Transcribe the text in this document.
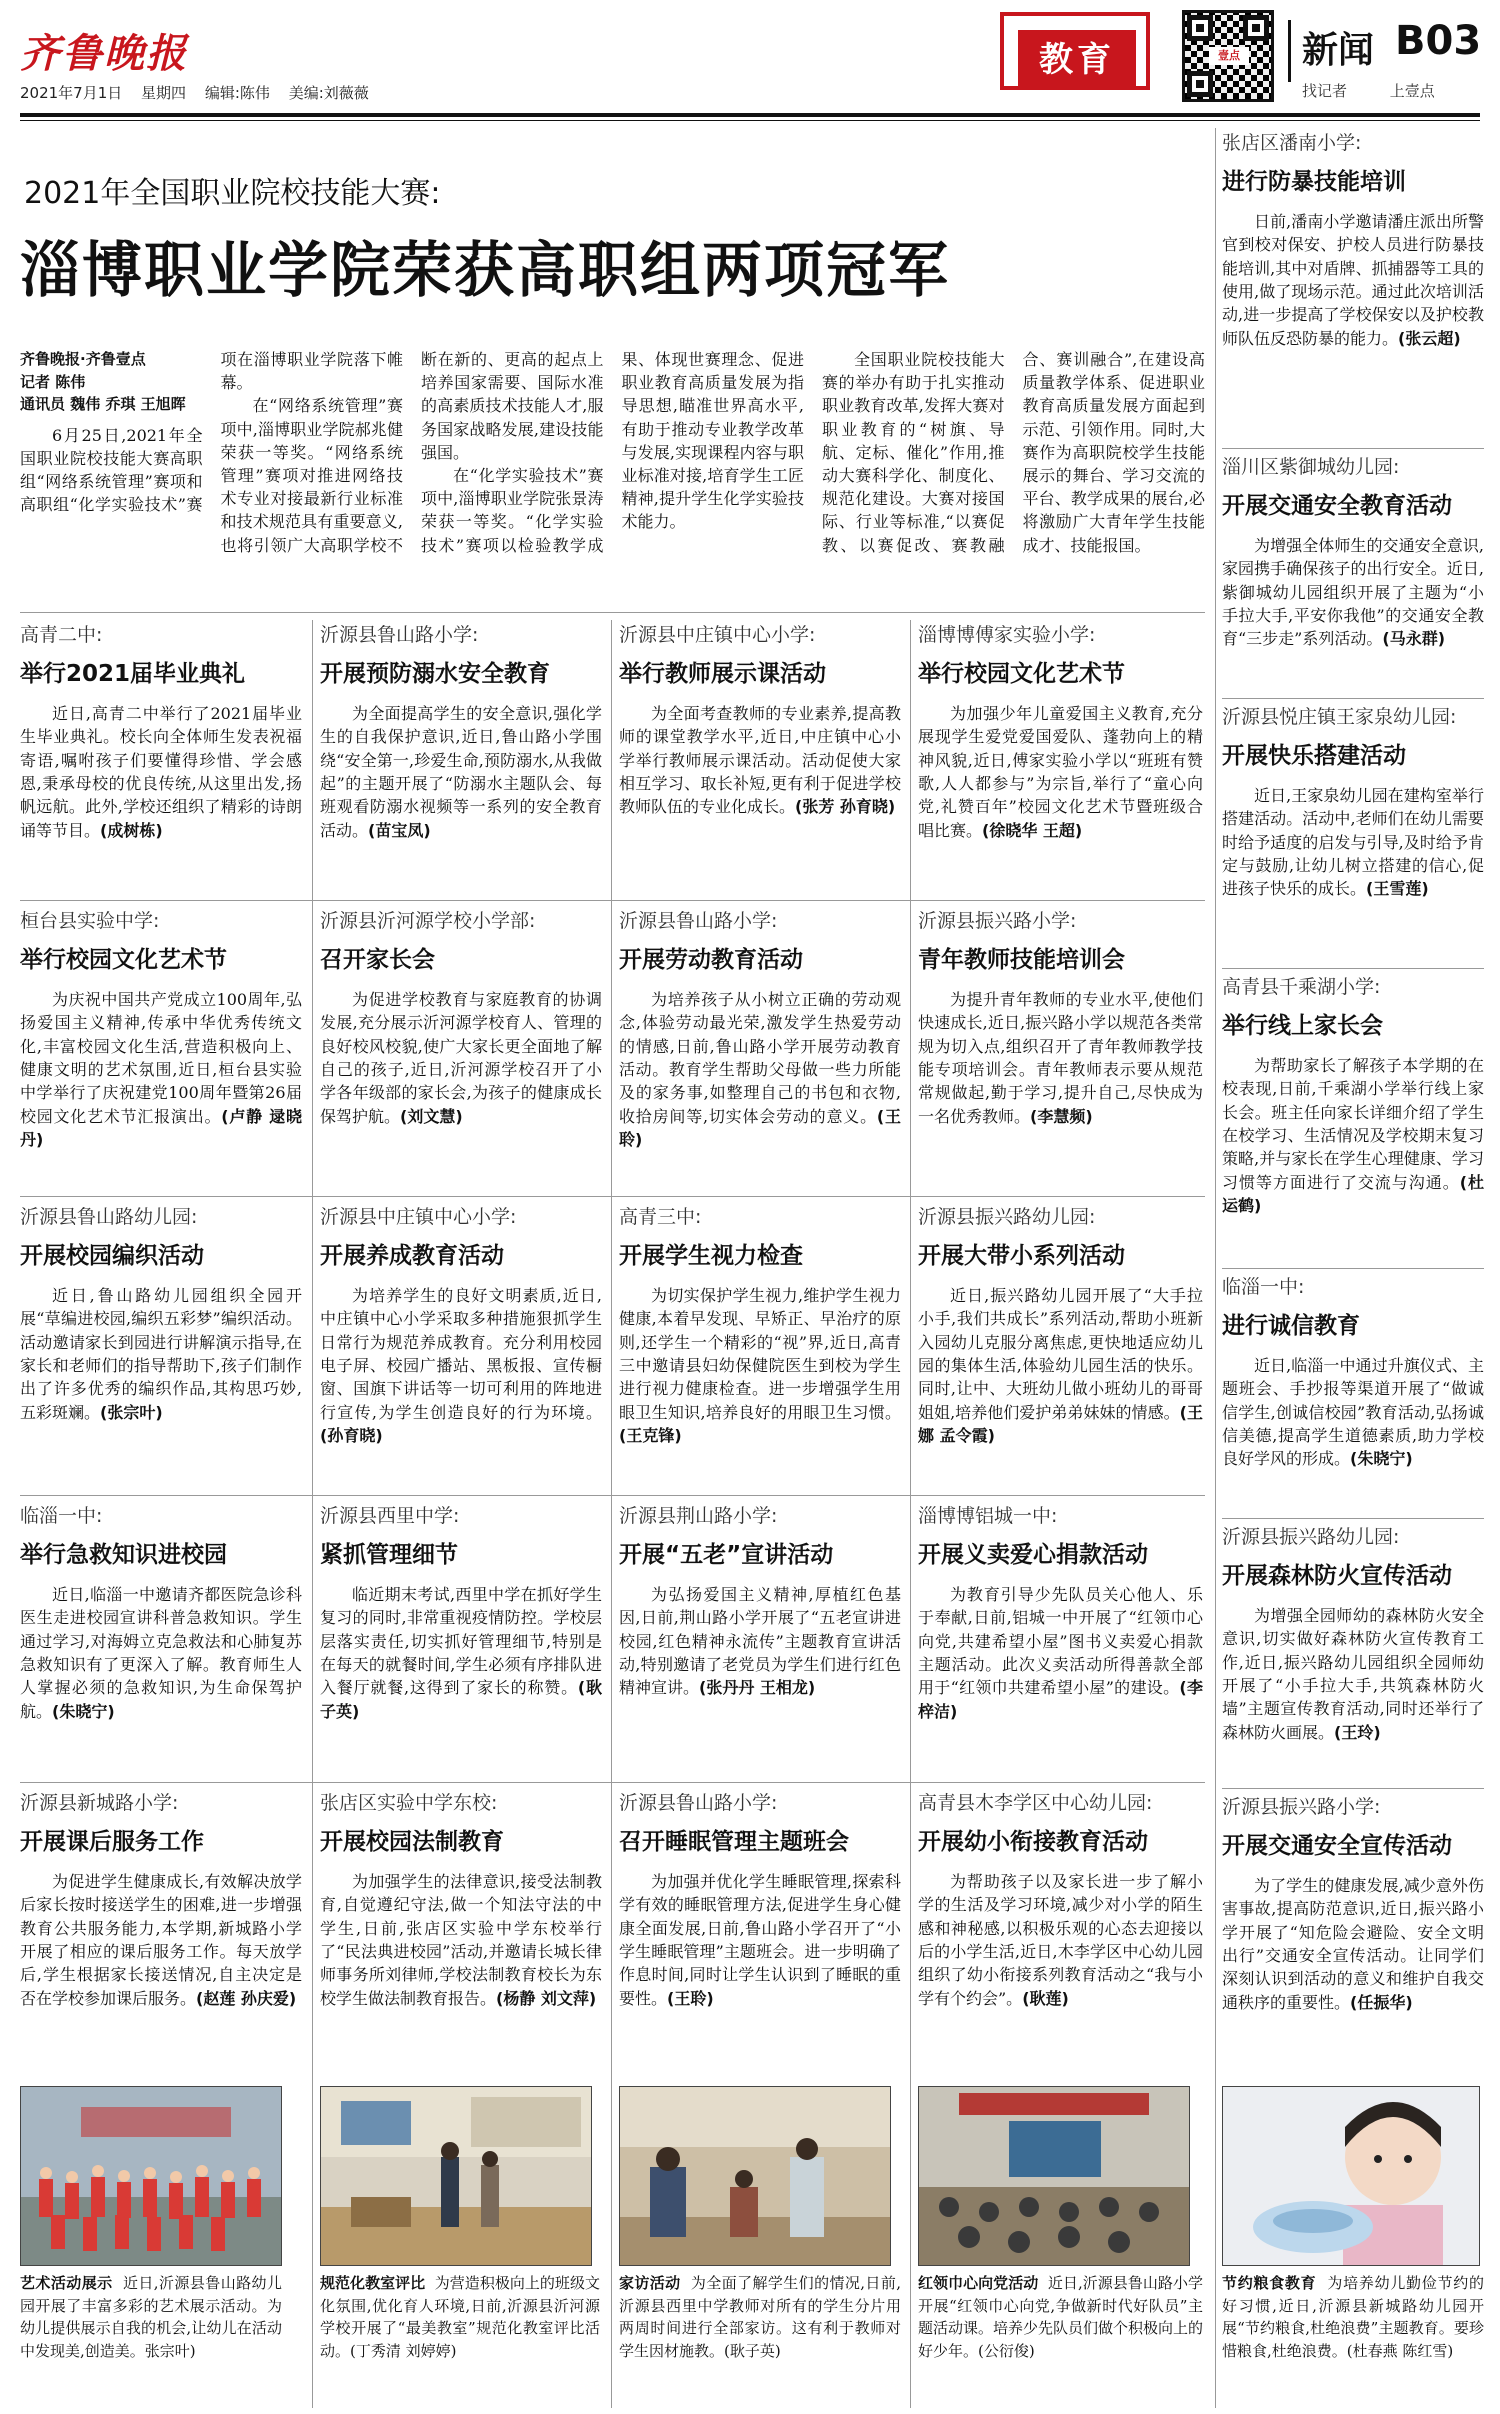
齐鲁晚报
2021年7月1日 星期四 编辑:陈伟 美编:刘薇薇
教育	壹点 新闻 B03
找记者	上壹点
2021年全国职业院校技能大赛:
淄博职业学院荣获高职组两项冠军
齐鲁晚报·齐鲁壹点
记者 陈伟
通讯员 魏伟 乔琪 王旭晖

6月25日,2021年全国职业院校技能大赛高职组“网络系统管理”赛项和高职组“化学实验技术”赛项在淄博职业学院落下帷幕。

在“网络系统管理”赛项中,淄博职业学院郝兆健荣获一等奖。“网络系统管理”赛项对推进网络技术专业对接最新行业标准和技术规范具有重要意义,也将引领广大高职学校不断在新的、更高的起点上培养国家需要、国际水准的高素质技术技能人才,服务国家战略发展,建设技能强国。

在“化学实验技术”赛项中,淄博职业学院张景涛荣获一等奖。“化学实验技术”赛项以检验教学成果、体现世赛理念、促进职业教育高质量发展为指导思想,瞄准世界高水平,有助于推动专业教学改革与发展,实现课程内容与职业标准对接,培育学生工匠精神,提升学生化学实验技术能力。

全国职业院校技能大赛的举办有助于扎实推动职业教育改革,发挥大赛对职业教育的“树旗、导航、定标、催化”作用,推动大赛科学化、制度化、规范化建设。大赛对接国际、行业等标准,“以赛促教、以赛促改、赛教融合、赛训融合”,在建设高质量教学体系、促进职业教育高质量发展方面起到示范、引领作用。同时,大赛作为高职院校学生技能展示的舞台、学习交流的平台、教学成果的展台,必将激励广大青年学生技能成才、技能报国。

张店区潘南小学:
进行防暴技能培训
日前,潘南小学邀请潘庄派出所警官到校对保安、护校人员进行防暴技能培训,其中对盾牌、抓捕器等工具的使用,做了现场示范。通过此次培训活动,进一步提高了学校保安以及护校教师队伍反恐防暴的能力。(张云超)
淄川区紫御城幼儿园:
开展交通安全教育活动
为增强全体师生的交通安全意识,家园携手确保孩子的出行安全。近日,紫御城幼儿园组织开展了主题为“小手拉大手,平安你我他”的交通安全教育“三步走”系列活动。(马永群)
沂源县悦庄镇王家泉幼儿园:
开展快乐搭建活动
近日,王家泉幼儿园在建构室举行搭建活动。活动中,老师们在幼儿需要时给予适度的启发与引导,及时给予肯定与鼓励,让幼儿树立搭建的信心,促进孩子快乐的成长。(王雪莲)
高青县千乘湖小学:
举行线上家长会
为帮助家长了解孩子本学期的在校表现,日前,千乘湖小学举行线上家长会。班主任向家长详细介绍了学生在校学习、生活情况及学校期末复习策略,并与家长在学生心理健康、学习习惯等方面进行了交流与沟通。(杜运鹤)
临淄一中:
进行诚信教育
近日,临淄一中通过升旗仪式、主题班会、手抄报等渠道开展了“做诚信学生,创诚信校园”教育活动,弘扬诚信美德,提高学生道德素质,助力学校良好学风的形成。(朱晓宁)
沂源县振兴路幼儿园:
开展森林防火宣传活动
为增强全园师幼的森林防火安全意识,切实做好森林防火宣传教育工作,近日,振兴路幼儿园组织全园师幼开展了“小手拉大手,共筑森林防火墙”主题宣传教育活动,同时还举行了森林防火画展。(王玲)
沂源县振兴路小学:
开展交通安全宣传活动
为了学生的健康发展,减少意外伤害事故,提高防范意识,近日,振兴路小学开展了“知危险会避险、安全文明出行”交通安全宣传活动。让同学们深刻认识到活动的意义和维护自我交通秩序的重要性。(任振华)
高青二中:
举行2021届毕业典礼
近日,高青二中举行了2021届毕业生毕业典礼。校长向全体师生发表祝福寄语,嘱咐孩子们要懂得珍惜、学会感恩,秉承母校的优良传统,从这里出发,扬帆远航。此外,学校还组织了精彩的诗朗诵等节目。(成树栋)
沂源县鲁山路小学:
开展预防溺水安全教育
为全面提高学生的安全意识,强化学生的自我保护意识,近日,鲁山路小学围绕“安全第一,珍爱生命,预防溺水,从我做起”的主题开展了“防溺水主题队会、每班观看防溺水视频等一系列的安全教育活动。(苗宝凤)
沂源县中庄镇中心小学:
举行教师展示课活动
为全面考查教师的专业素养,提高教师的课堂教学水平,近日,中庄镇中心小学举行教师展示课活动。活动促使大家相互学习、取长补短,更有利于促进学校教师队伍的专业化成长。(张芳 孙育晓)
淄博博傅家实验小学:
举行校园文化艺术节
为加强少年儿童爱国主义教育,充分展现学生爱党爱国爱队、蓬勃向上的精神风貌,近日,傅家实验小学以“班班有赞歌,人人都参与”为宗旨,举行了“童心向党,礼赞百年”校园文化艺术节暨班级合唱比赛。(徐晓华 王超)
桓台县实验中学:
举行校园文化艺术节
为庆祝中国共产党成立100周年,弘扬爱国主义精神,传承中华优秀传统文化,丰富校园文化生活,营造积极向上、健康文明的艺术氛围,近日,桓台县实验中学举行了庆祝建党100周年暨第26届校园文化艺术节汇报演出。(卢静 逯晓丹)
沂源县沂河源学校小学部:
召开家长会
为促进学校教育与家庭教育的协调发展,充分展示沂河源学校育人、管理的良好校风校貌,使广大家长更全面地了解自己的孩子,近日,沂河源学校召开了小学各年级部的家长会,为孩子的健康成长保驾护航。(刘文慧)
沂源县鲁山路小学:
开展劳动教育活动
为培养孩子从小树立正确的劳动观念,体验劳动最光荣,激发学生热爱劳动的情感,日前,鲁山路小学开展劳动教育活动。教育学生帮助父母做一些力所能及的家务事,如整理自己的书包和衣物,收拾房间等,切实体会劳动的意义。(王聆)
沂源县振兴路小学:
青年教师技能培训会
为提升青年教师的专业水平,使他们快速成长,近日,振兴路小学以规范各类常规为切入点,组织召开了青年教师教学技能专项培训会。青年教师表示要从规范常规做起,勤于学习,提升自己,尽快成为一名优秀教师。(李慧频)
沂源县鲁山路幼儿园:
开展校园编织活动
近日,鲁山路幼儿园组织全园开展“草编进校园,编织五彩梦”编织活动。活动邀请家长到园进行讲解演示指导,在家长和老师们的指导帮助下,孩子们制作出了许多优秀的编织作品,其构思巧妙,五彩斑斓。(张宗叶)
沂源县中庄镇中心小学:
开展养成教育活动
为培养学生的良好文明素质,近日,中庄镇中心小学采取多种措施狠抓学生日常行为规范养成教育。充分利用校园电子屏、校园广播站、黑板报、宣传橱窗、国旗下讲话等一切可利用的阵地进行宣传,为学生创造良好的行为环境。(孙育晓)
高青三中:
开展学生视力检查
为切实保护学生视力,维护学生视力健康,本着早发现、早矫正、早治疗的原则,还学生一个精彩的“视”界,近日,高青三中邀请县妇幼保健院医生到校为学生进行视力健康检查。进一步增强学生用眼卫生知识,培养良好的用眼卫生习惯。(王克锋)
沂源县振兴路幼儿园:
开展大带小系列活动
近日,振兴路幼儿园开展了“大手拉小手,我们共成长”系列活动,帮助小班新入园幼儿克服分离焦虑,更快地适应幼儿园的集体生活,体验幼儿园生活的快乐。同时,让中、大班幼儿做小班幼儿的哥哥姐姐,培养他们爱护弟弟妹妹的情感。(王娜 孟令霞)
临淄一中:
举行急救知识进校园
近日,临淄一中邀请齐都医院急诊科医生走进校园宣讲科普急救知识。学生通过学习,对海姆立克急救法和心肺复苏急救知识有了更深入了解。教育师生人人掌握必须的急救知识,为生命保驾护航。(朱晓宁)
沂源县西里中学:
紧抓管理细节
临近期末考试,西里中学在抓好学生复习的同时,非常重视疫情防控。学校层层落实责任,切实抓好管理细节,特别是在每天的就餐时间,学生必须有序排队进入餐厅就餐,这得到了家长的称赞。(耿子英)
沂源县荆山路小学:
开展“五老”宣讲活动
为弘扬爱国主义精神,厚植红色基因,日前,荆山路小学开展了“五老宣讲进校园,红色精神永流传”主题教育宣讲活动,特别邀请了老党员为学生们进行红色精神宣讲。(张丹丹 王相龙)
淄博博铝城一中:
开展义卖爱心捐款活动
为教育引导少先队员关心他人、乐于奉献,日前,铝城一中开展了“红领巾心向党,共建希望小屋”图书义卖爱心捐款主题活动。此次义卖活动所得善款全部用于“红领巾共建希望小屋”的建设。(李梓洁)
沂源县新城路小学:
开展课后服务工作
为促进学生健康成长,有效解决放学后家长按时接送学生的困难,进一步增强教育公共服务能力,本学期,新城路小学开展了相应的课后服务工作。每天放学后,学生根据家长接送情况,自主决定是否在学校参加课后服务。(赵莲 孙庆爱)
张店区实验中学东校:
开展校园法制教育
为加强学生的法律意识,接受法制教育,自觉遵纪守法,做一个知法守法的中学生,日前,张店区实验中学东校举行了“民法典进校园”活动,并邀请长城长律师事务所刘律师,学校法制教育校长为东校学生做法制教育报告。(杨静 刘文萍)
沂源县鲁山路小学:
召开睡眠管理主题班会
为加强并优化学生睡眠管理,探索科学有效的睡眠管理方法,促进学生身心健康全面发展,日前,鲁山路小学召开了“小学生睡眠管理”主题班会。进一步明确了作息时间,同时让学生认识到了睡眠的重要性。(王聆)
高青县木李学区中心幼儿园:
开展幼小衔接教育活动
为帮助孩子以及家长进一步了解小学的生活及学习环境,减少对小学的陌生感和神秘感,以积极乐观的心态去迎接以后的小学生活,近日,木李学区中心幼儿园组织了幼小衔接系列教育活动之“我与小学有个约会”。(耿莲)
艺术活动展示 近日,沂源县鲁山路幼儿园开展了丰富多彩的艺术展示活动。为幼儿提供展示自我的机会,让幼儿在活动中发现美,创造美。张宗叶)
规范化教室评比 为营造积极向上的班级文化氛围,优化育人环境,日前,沂源县沂河源学校开展了“最美教室”规范化教室评比活动。(丁秀清 刘婷婷)
家访活动 为全面了解学生们的情况,日前,沂源县西里中学教师对所有的学生分片用两周时间进行全部家访。这有利于教师对学生因材施教。(耿子英)
红领巾心向党活动 近日,沂源县鲁山路小学开展“红领巾心向党,争做新时代好队员”主题活动课。培养少先队员们做个积极向上的好少年。(公衍俊)
节约粮食教育 为培养幼儿勤俭节约的好习惯,近日,沂源县新城路幼儿园开展“节约粮食,杜绝浪费”主题教育。要珍惜粮食,杜绝浪费。(杜春燕 陈红雪)
